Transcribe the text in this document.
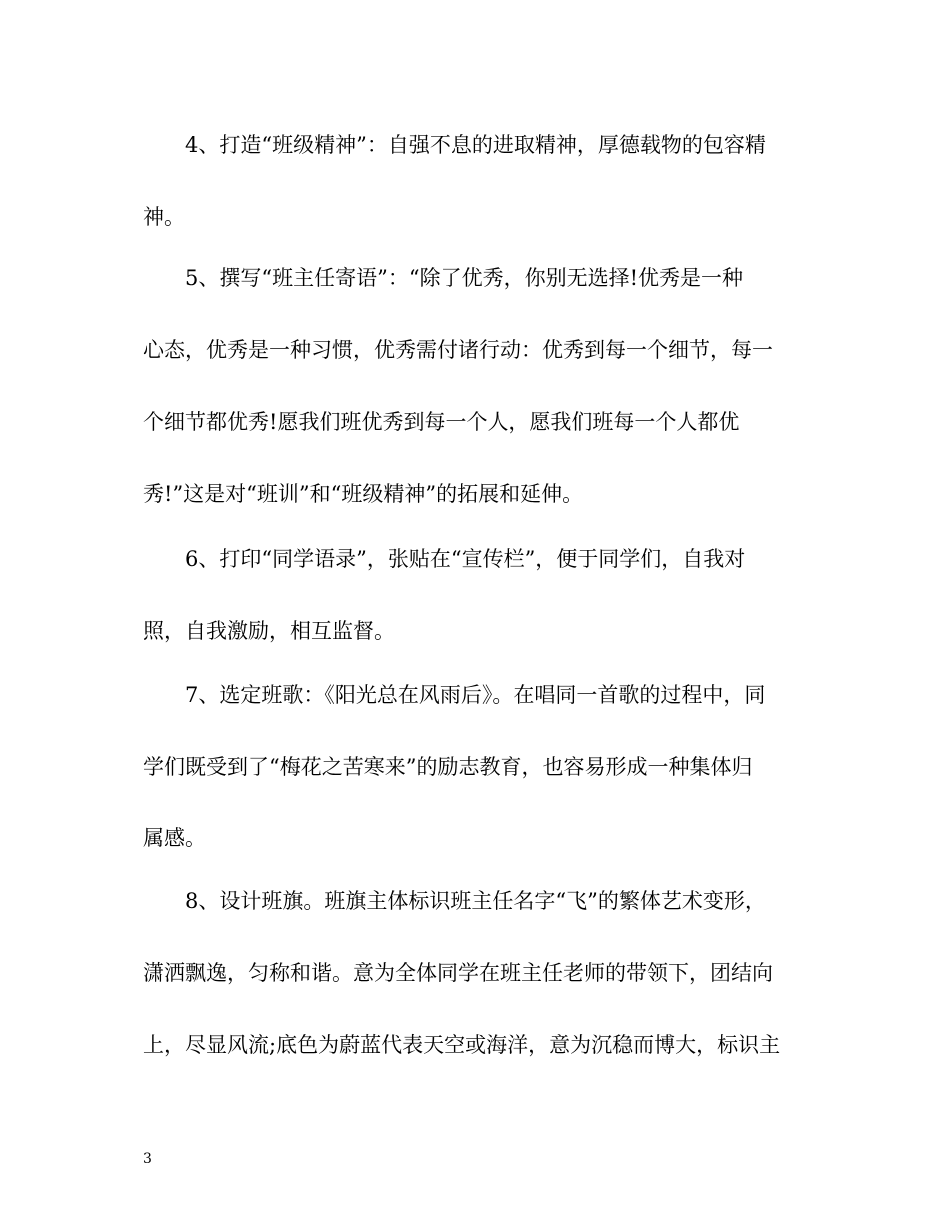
4、打造“班级精神”：自强不息的进取精神，厚德载物的包容精
神。
5、撰写“班主任寄语”：“除了优秀，你别无选择!优秀是一种
心态，优秀是一种习惯，优秀需付诸行动：优秀到每一个细节，每一
个细节都优秀!愿我们班优秀到每一个人，愿我们班每一个人都优
秀!”这是对“班训”和“班级精神”的拓展和延伸。
6、打印“同学语录”，张贴在“宣传栏”，便于同学们，自我对
照，自我激励，相互监督。
7、选定班歌：《阳光总在风雨后》。在唱同一首歌的过程中，同
学们既受到了“梅花之苦寒来”的励志教育，也容易形成一种集体归
属感。
8、设计班旗。班旗主体标识班主任名字“飞”的繁体艺术变形，
潇洒飘逸，匀称和谐。意为全体同学在班主任老师的带领下，团结向
上，尽显风流;底色为蔚蓝代表天空或海洋，意为沉稳而博大，标识主
3
